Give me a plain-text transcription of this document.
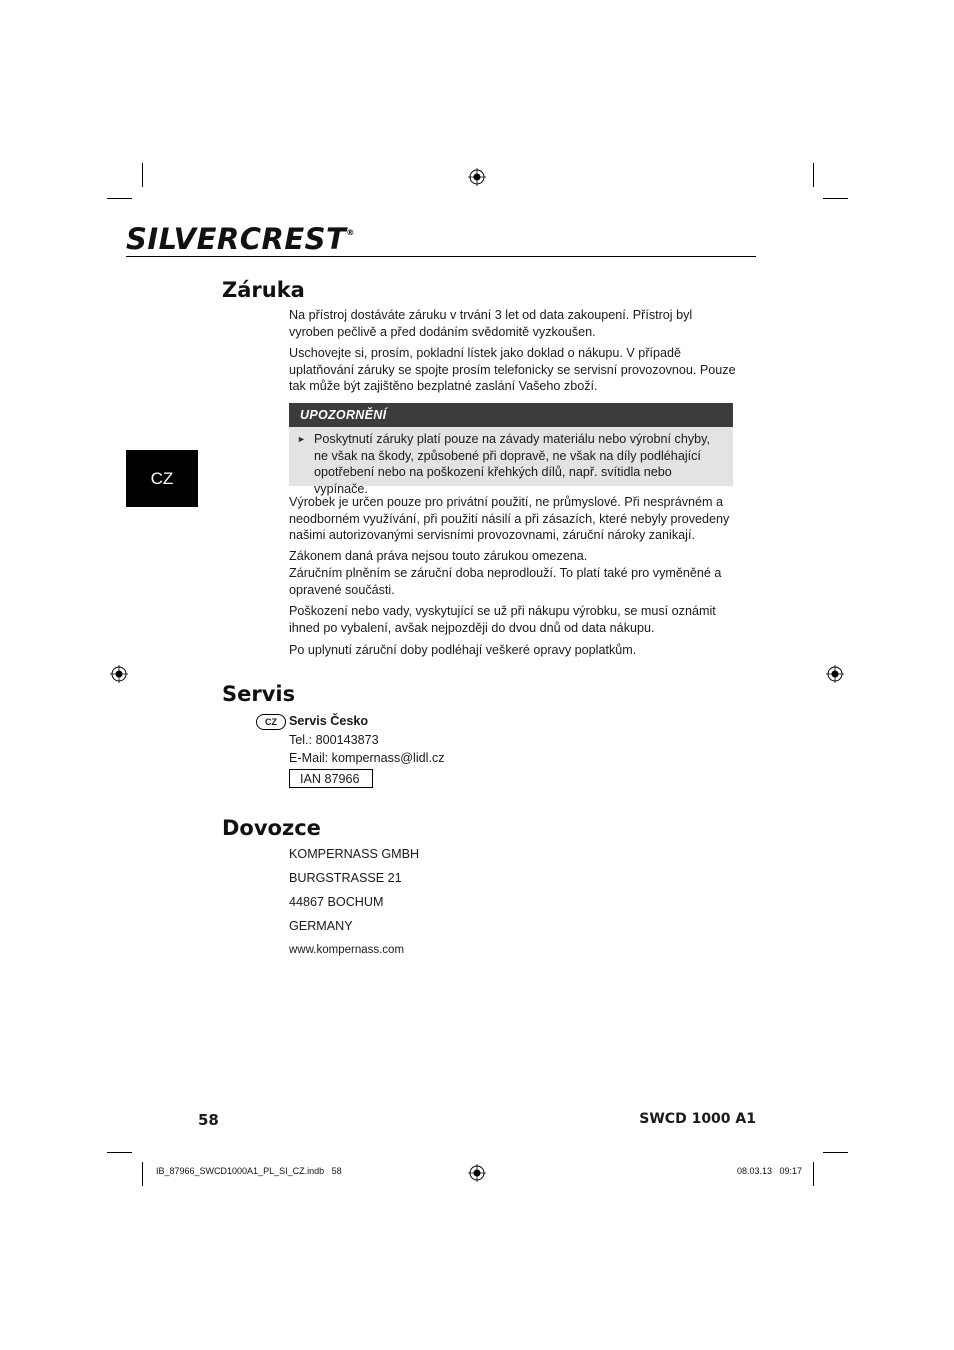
SILVERCREST®
CZ
Záruka

Na přístroj dostáváte záruku v trvání 3 let od data zakoupení. Přístroj byl vyroben pečlivě a před dodáním svědomitě vyzkoušen.

Uschovejte si, prosím, pokladní lístek jako doklad o nákupu. V případě uplatňování záruky se spojte prosím telefonicky se servisní provozovnou. Pouze tak může být zajištěno bezplatné zaslání Vašeho zboží.

UPOZORNĚNÍ
► Poskytnutí záruky platí pouze na závady materiálu nebo výrobní chyby, ne však na škody, způsobené při dopravě, ne však na díly podléhající opotřebení nebo na poškození křehkých dílů, např. svítidla nebo vypínače.

Výrobek je určen pouze pro privátní použití, ne průmyslové. Při nesprávném a neodborném využívání, při použití násilí a při zásazích, které nebyly provedeny našimi autorizovanými servisními provozovnami, záruční nároky zanikají.

Zákonem daná práva nejsou touto zárukou omezena.

Záručním plněním se záruční doba neprodlouží. To platí také pro vyměněné a opravené součásti.

Poškození nebo vady, vyskytující se už při nákupu výrobku, se musí oznámit ihned po vybalení, avšak nejpozději do dvou dnů od data nákupu.

Po uplynutí záruční doby podléhají veškeré opravy poplatkům.

Servis
CZ Servis Česko

Tel.: 800143873

E-Mail: kompernass@lidl.cz

IAN 87966
Dovozce

KOMPERNASS GMBH

BURGSTRASSE 21

44867 BOCHUM

GERMANY

www.kompernass.com

58	SWCD 1000 A1
IB_87966_SWCD1000A1_PL_SI_CZ.indb   58	08.03.13   09:17
